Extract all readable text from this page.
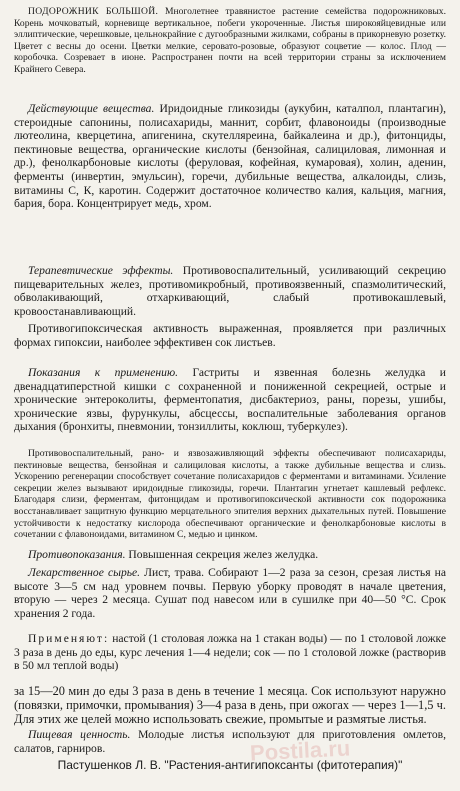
ПОДОРОЖНИК БОЛЬШОЙ. Многолетнее травянистое растение семейства подорожниковых. Корень мочковатый, корневище вертикальное, побеги укороченные. Листья широкояйцевидные или эллиптические, черешковые, цельнокрайние с дугообразными жилками, собраны в прикорневую розетку. Цветет с весны до осени. Цветки мелкие, серовато-розовые, образуют соцветие — колос. Плод — коробочка. Созревает в июне. Распространен почти на всей территории страны за исключением Крайнего Севера.
Действующие вещества. Иридоидные гликозиды (аукубин, каталпол, плантагин), стероидные сапонины, полисахариды, маннит, сорбит, флавоноиды (производные лютеолина, кверцетина, апигенина, скутелляреина, байкалеина и др.), фитонциды, пектиновые вещества, органические кислоты (бензойная, салициловая, лимонная и др.), фенолкарбоновые кислоты (феруловая, кофейная, кумаровая), холин, аденин, ферменты (инвертин, эмульсин), горечи, дубильные вещества, алкалоиды, слизь, витамины С, К, каротин. Содержит достаточное количество калия, кальция, магния, бария, бора. Концентрирует медь, хром.
Терапевтические эффекты. Противовоспалительный, усиливающий секрецию пищеварительных желез, противомикробный, противоязвенный, спазмолитический, обволакивающий, отхаркивающий, слабый противокашлевый, кровоостанавливающий.
Противогипоксическая активность выраженная, проявляется при различных формах гипоксии, наиболее эффективен сок листьев.
Показания к применению. Гастриты и язвенная болезнь желудка и двенадцатиперстной кишки с сохраненной и пониженной секрецией, острые и хронические энтероколиты, ферментопатия, дисбактериоз, раны, порезы, ушибы, хронические язвы, фурункулы, абсцессы, воспалительные заболевания органов дыхания (бронхиты, пневмонии, тонзиллиты, коклюш, туберкулез).
Противовоспалительный, ранo- и язвозаживляющий эффекты обеспечивают полисахариды, пектиновые вещества, бензойная и салициловая кислоты, а также дубильные вещества и слизь. Ускорению регенерации способствует сочетание полисахаридов с ферментами и витаминами. Усиление секреции желез вызывают иридоидные гликозиды, горечи. Плантагин угнетает кашлевый рефлекс. Благодаря слизи, ферментам, фитонцидам и противогипоксической активности сок подорожника восстанавливает защитную функцию мерцательного эпителия верхних дыхательных путей. Повышение устойчивости к недостатку кислорода обеспечивают органические и фенолкарбоновые кислоты в сочетании с флавоноидами, витамином С, медью и цинком.
Противопоказания. Повышенная секреция желез желудка.
Лекарственное сырье. Лист, трава. Собирают 1—2 раза за сезон, срезая листья на высоте 3—5 см над уровнем почвы. Первую уборку проводят в начале цветения, вторую — через 2 месяца. Сушат под навесом или в сушилке при 40—50 °С. Срок хранения 2 года.
Применяют: настой (1 столовая ложка на 1 стакан воды) — по 1 столовой ложке 3 раза в день до еды, курс лечения 1—4 недели; сок — по 1 столовой ложке (растворив в 50 мл теплой воды)
за 15—20 мин до еды 3 раза в день в течение 1 месяца. Сок используют наружно (повязки, примочки, промывания) 3—4 раза в день, при ожогах — через 1—1,5 ч. Для этих же целей можно использовать свежие, промытые и размятые листья.
Пищевая ценность. Молодые листья используют для приготовления омлетов, салатов, гарниров.	Postila.ru
Пастушенков Л. В. "Растения-антигипоксанты (фитотерапия)"
